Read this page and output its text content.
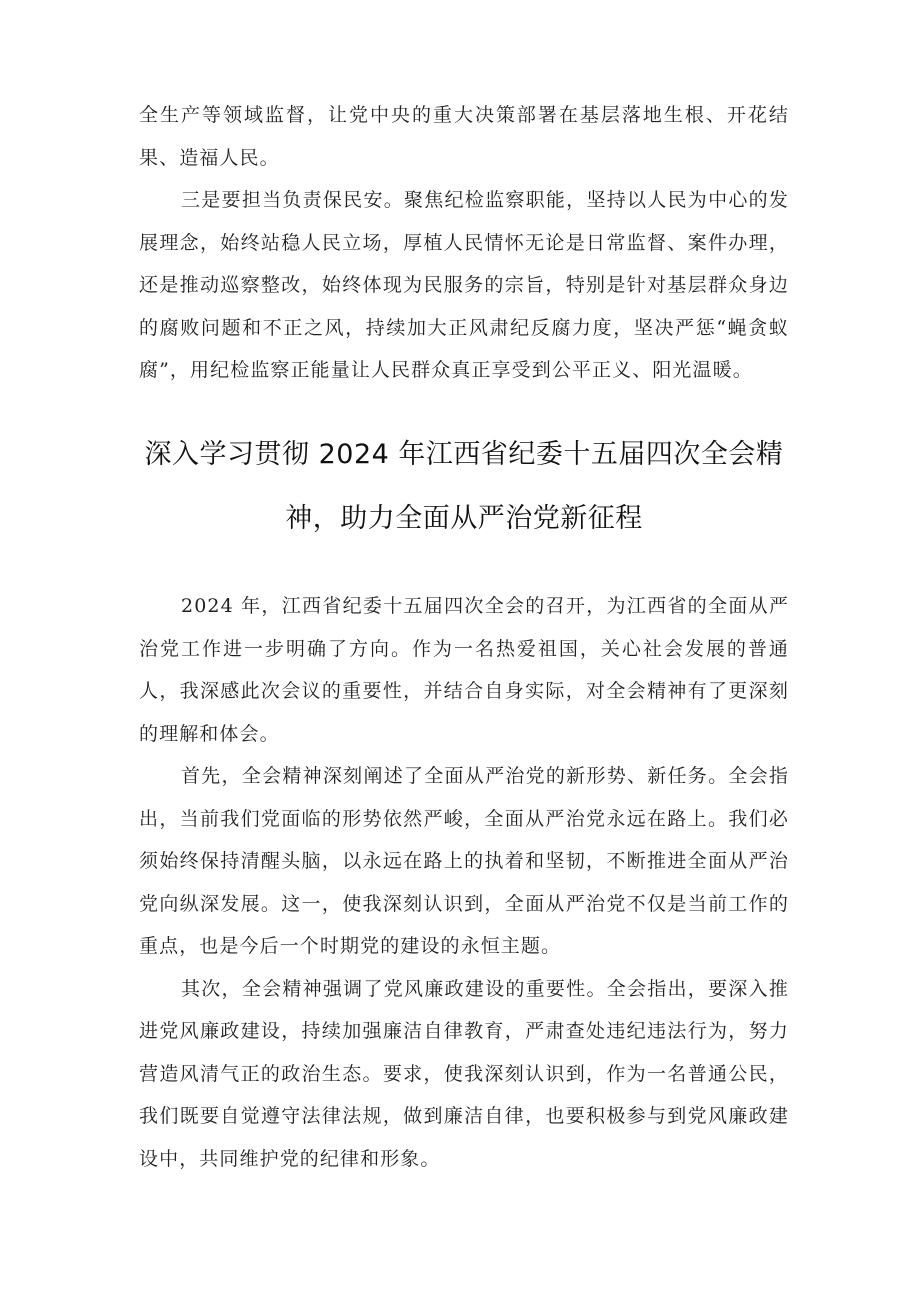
全生产等领域监督，让党中央的重大决策部署在基层落地生根、开花结果、造福人民。

三是要担当负责保民安。聚焦纪检监察职能，坚持以人民为中心的发展理念，始终站稳人民立场，厚植人民情怀无论是日常监督、案件办理，还是推动巡察整改，始终体现为民服务的宗旨，特别是针对基层群众身边的腐败问题和不正之风，持续加大正风肃纪反腐力度，坚决严惩“蝇贪蚁腐”，用纪检监察正能量让人民群众真正享受到公平正义、阳光温暖。

深入学习贯彻 2024 年江西省纪委十五届四次全会精
神，助力全面从严治党新征程

2024 年，江西省纪委十五届四次全会的召开，为江西省的全面从严治党工作进一步明确了方向。作为一名热爱祖国，关心社会发展的普通人，我深感此次会议的重要性，并结合自身实际，对全会精神有了更深刻的理解和体会。

首先，全会精神深刻阐述了全面从严治党的新形势、新任务。全会指出，当前我们党面临的形势依然严峻，全面从严治党永远在路上。我们必须始终保持清醒头脑，以永远在路上的执着和坚韧，不断推进全面从严治党向纵深发展。这一，使我深刻认识到，全面从严治党不仅是当前工作的重点，也是今后一个时期党的建设的永恒主题。

其次，全会精神强调了党风廉政建设的重要性。全会指出，要深入推进党风廉政建设，持续加强廉洁自律教育，严肃查处违纪违法行为，努力营造风清气正的政治生态。要求，使我深刻认识到，作为一名普通公民，我们既要自觉遵守法律法规，做到廉洁自律，也要积极参与到党风廉政建设中，共同维护党的纪律和形象。
